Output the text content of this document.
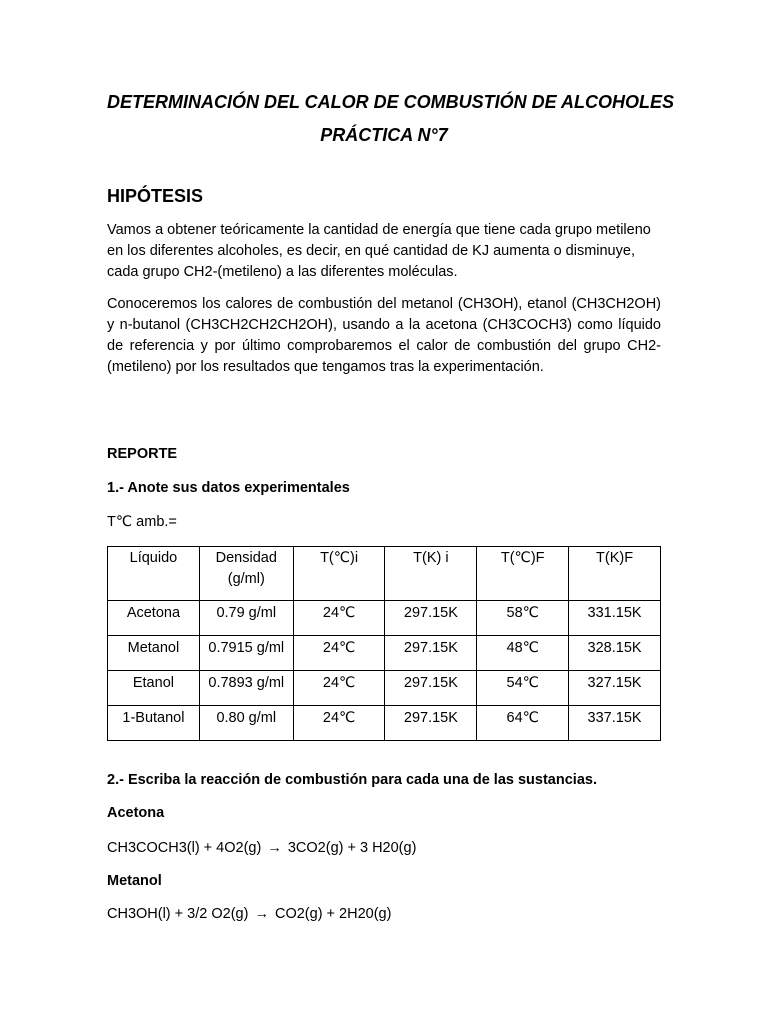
DETERMINACIÓN DEL CALOR DE COMBUSTIÓN DE ALCOHOLES
PRÁCTICA N°7
HIPÓTESIS
Vamos a obtener teóricamente la cantidad de energía que tiene cada grupo metileno en los diferentes alcoholes, es decir, en qué cantidad de KJ aumenta o disminuye, cada grupo CH2-(metileno) a las diferentes moléculas.
Conoceremos los calores de combustión del metanol (CH3OH), etanol (CH3CH2OH) y n-butanol (CH3CH2CH2CH2OH), usando a la acetona (CH3COCH3) como líquido de referencia y por último comprobaremos el calor de combustión del grupo CH2-(metileno) por los resultados que tengamos tras la experimentación.
REPORTE
1.- Anote sus datos experimentales
T℃ amb.=
Líquido	Densidad (g/ml)	T(℃)i	T(K) i	T(℃)F	T(K)F
Acetona	0.79 g/ml	24℃	297.15K	58℃	331.15K
Metanol	0.7915 g/ml	24℃	297.15K	48℃	328.15K
Etanol	0.7893 g/ml	24℃	297.15K	54℃	327.15K
1-Butanol	0.80 g/ml	24℃	297.15K	64℃	337.15K
2.- Escriba la reacción de combustión para cada una de las sustancias.
Acetona
CH3COCH3(l) + 4O2(g) → 3CO2(g) + 3 H20(g)
Metanol
CH3OH(l) + 3/2 O2(g) → CO2(g) + 2H20(g)
